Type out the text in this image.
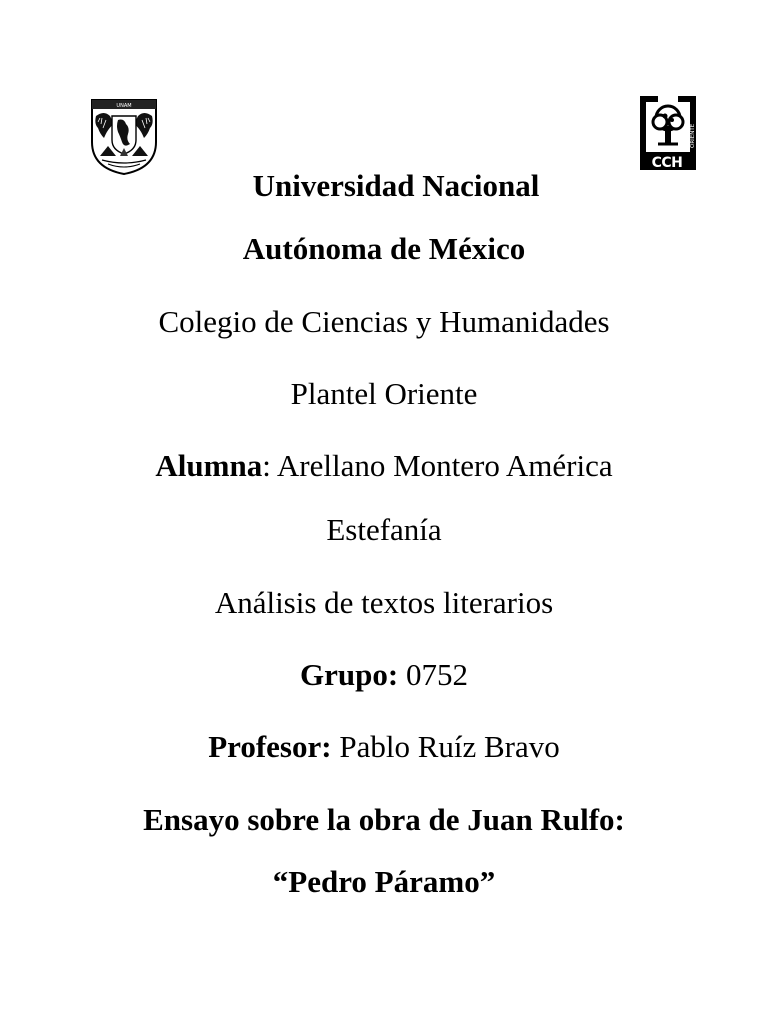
UNAM
CCH
ORIENTE
Universidad Nacional
Autónoma de México
Colegio de Ciencias y Humanidades
Plantel Oriente
Alumna: Arellano Montero América
Estefanía
Análisis de textos literarios
Grupo: 0752
Profesor: Pablo Ruíz Bravo
Ensayo sobre la obra de Juan Rulfo:
“Pedro Páramo”
